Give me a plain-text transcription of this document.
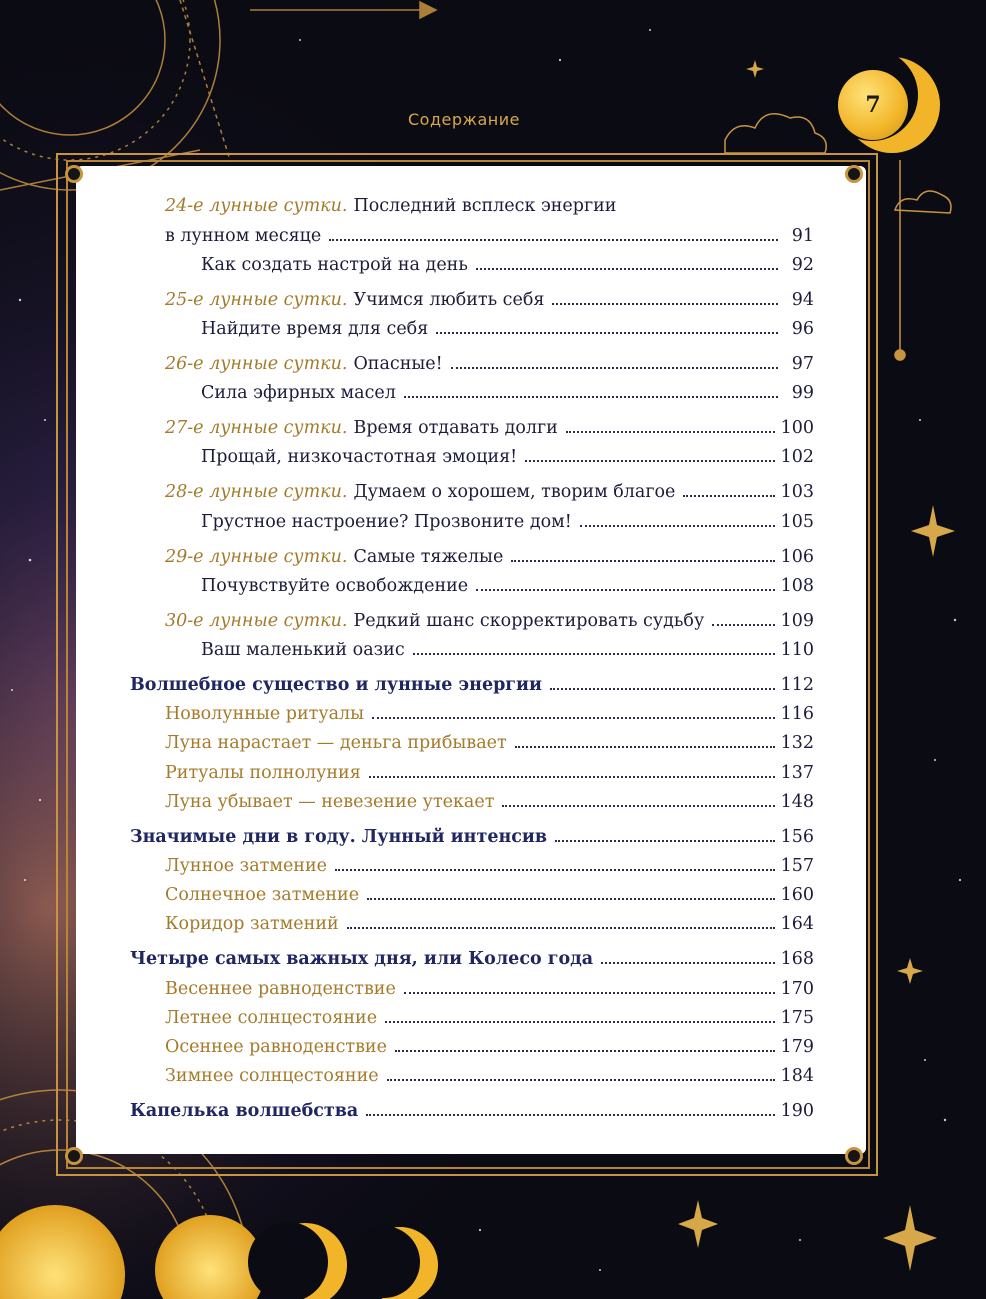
Содержание
7
24-е лунные сутки. Последний всплеск энергии
в лунном месяце	91
Как создать настрой на день	92
25-е лунные сутки. Учимся любить себя	94
Найдите время для себя	96
26-е лунные сутки. Опасные!	97
Сила эфирных масел	99
27-е лунные сутки. Время отдавать долги	100
Прощай, низкочастотная эмоция!	102
28-е лунные сутки. Думаем о хорошем, творим благое	103
Грустное настроение? Прозвоните дом!	105
29-е лунные сутки. Самые тяжелые	106
Почувствуйте освобождение	108
30-е лунные сутки. Редкий шанс скорректировать судьбу	109
Ваш маленький оазис	110
Волшебное существо и лунные энергии	112
Новолунные ритуалы	116
Луна нарастает — деньга прибывает	132
Ритуалы полнолуния	137
Луна убывает — невезение утекает	148
Значимые дни в году. Лунный интенсив	156
Лунное затмение	157
Солнечное затмение	160
Коридор затмений	164
Четыре самых важных дня, или Колесо года	168
Весеннее равноденствие	170
Летнее солнцестояние	175
Осеннее равноденствие	179
Зимнее солнцестояние	184
Капелька волшебства	190
